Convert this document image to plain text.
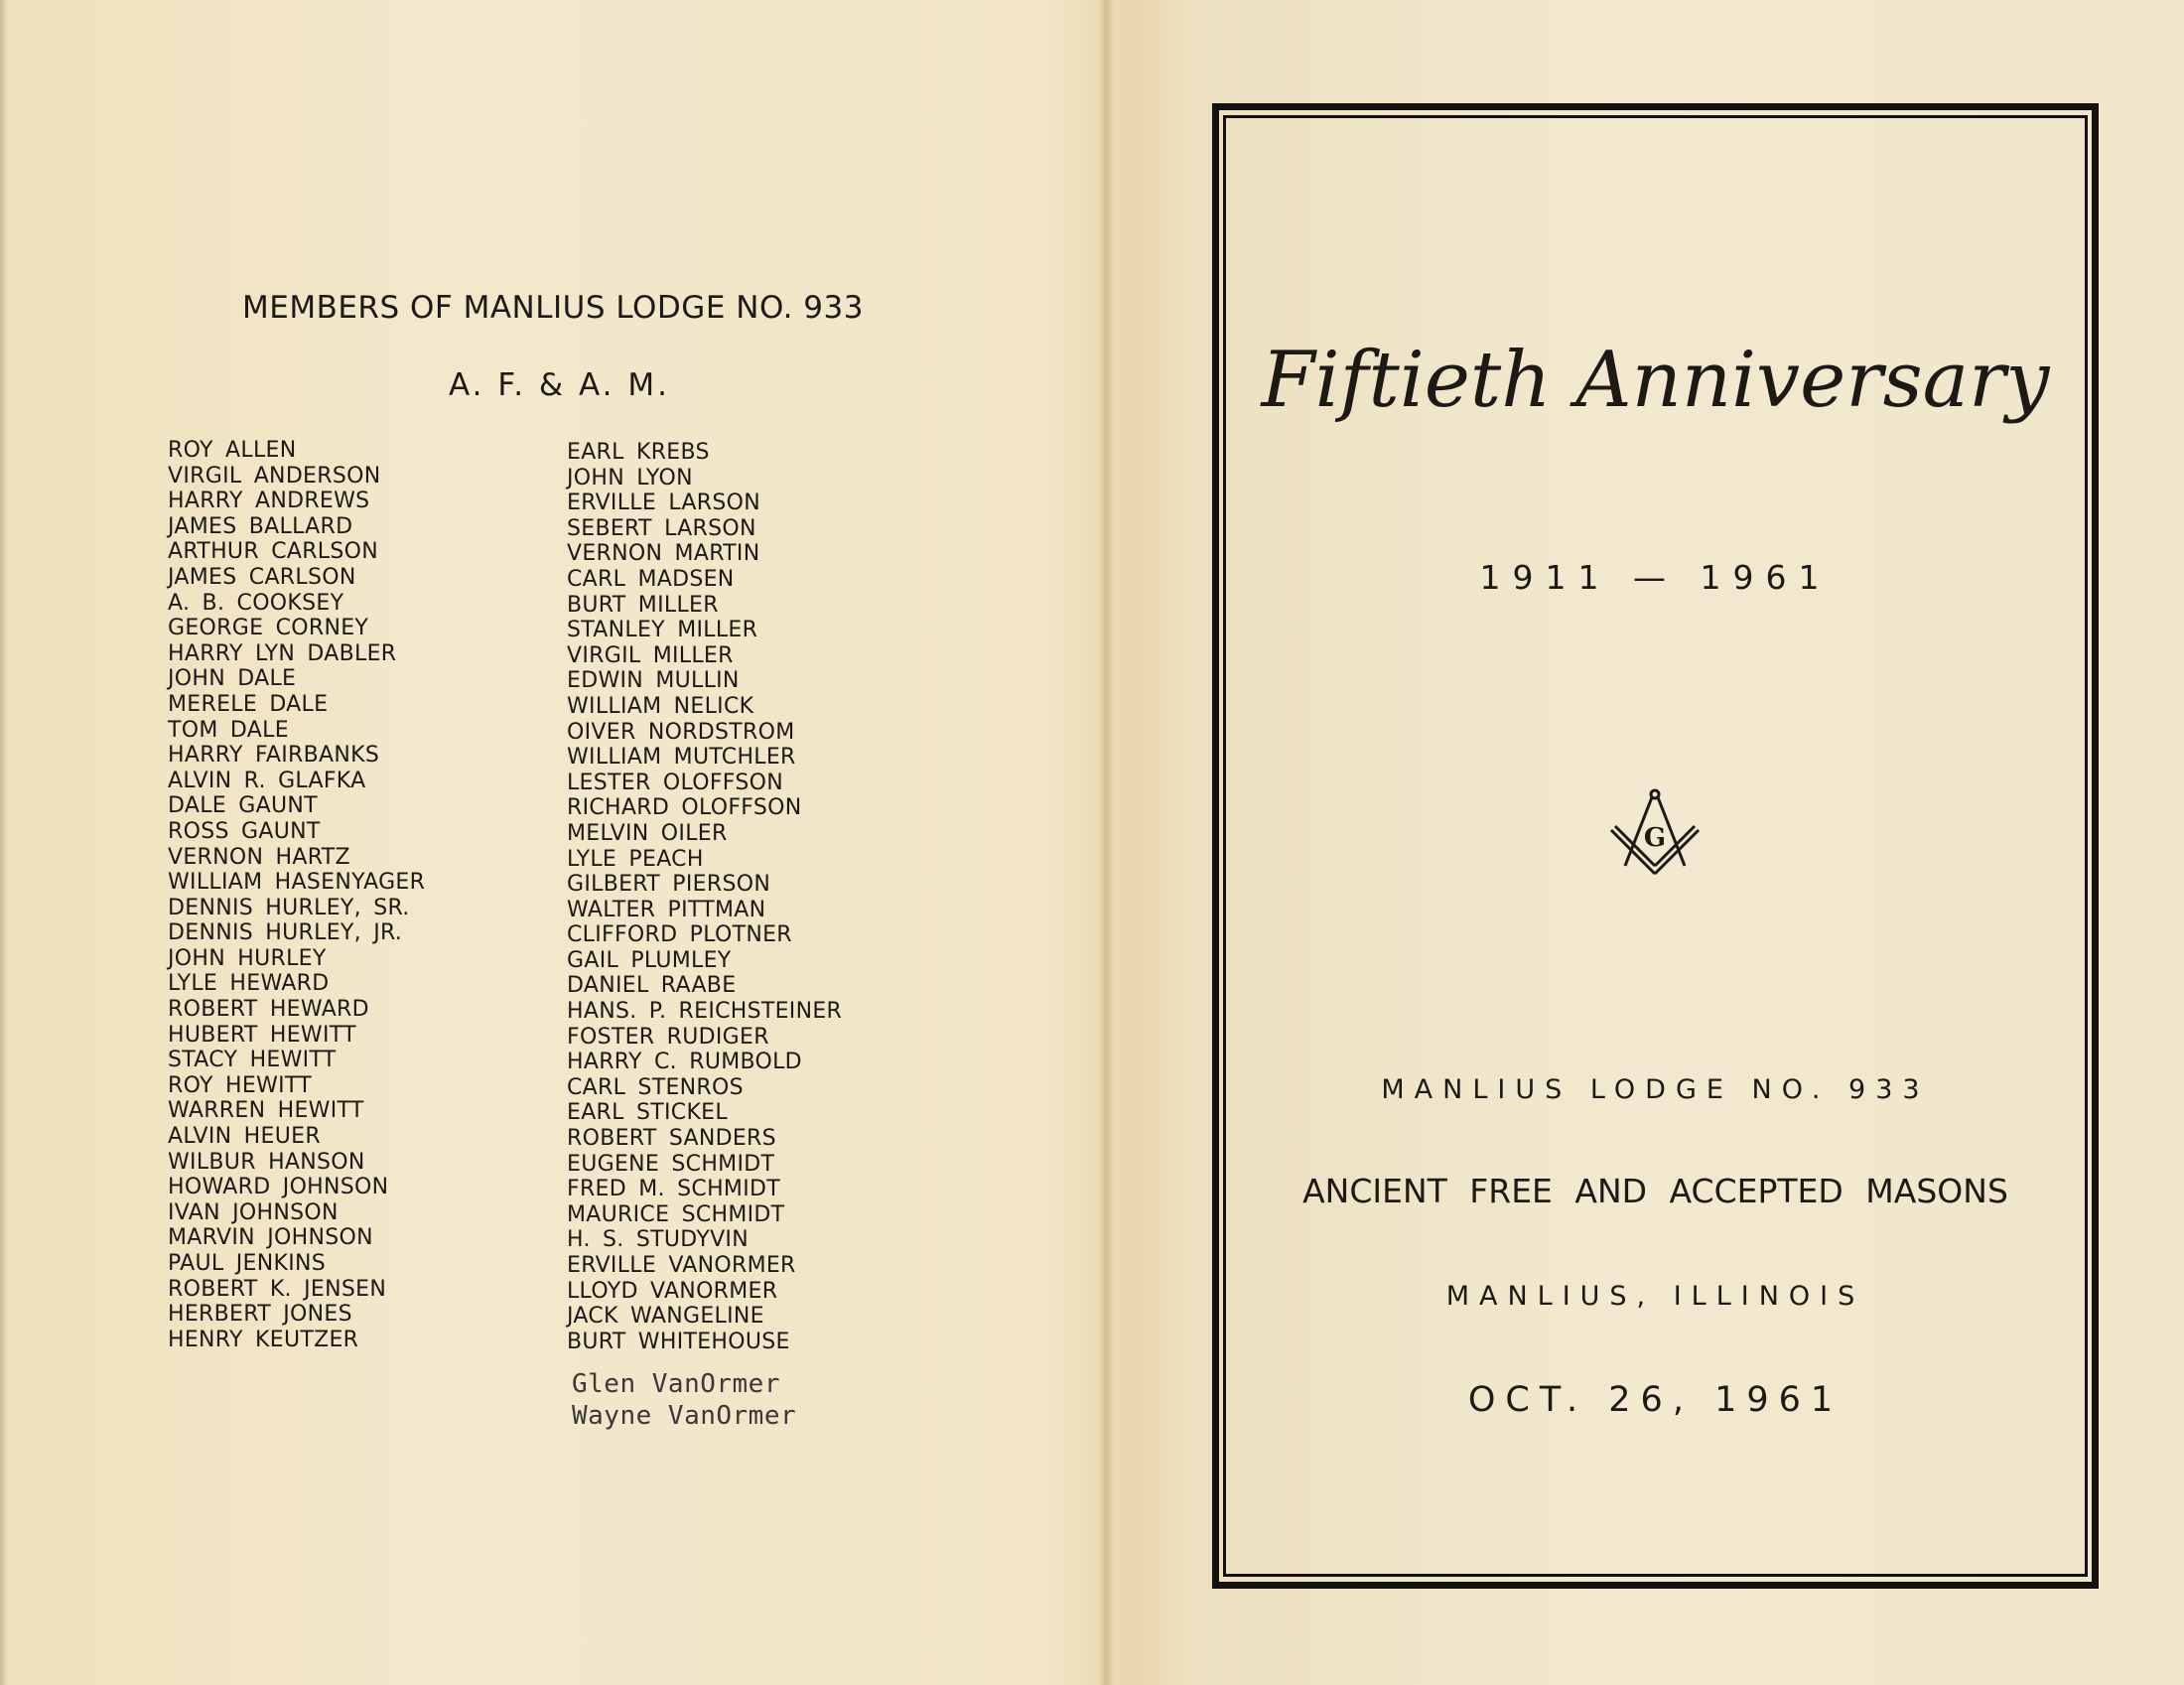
MEMBERS OF MANLIUS LODGE NO. 933
A. F. & A. M.
ROY ALLEN
VIRGIL ANDERSON
HARRY ANDREWS
JAMES BALLARD
ARTHUR CARLSON
JAMES CARLSON
A. B. COOKSEY
GEORGE CORNEY
HARRY LYN DABLER
JOHN DALE
MERELE DALE
TOM DALE
HARRY FAIRBANKS
ALVIN R. GLAFKA
DALE GAUNT
ROSS GAUNT
VERNON HARTZ
WILLIAM HASENYAGER
DENNIS HURLEY, SR.
DENNIS HURLEY, JR.
JOHN HURLEY
LYLE HEWARD
ROBERT HEWARD
HUBERT HEWITT
STACY HEWITT
ROY HEWITT
WARREN HEWITT
ALVIN HEUER
WILBUR HANSON
HOWARD JOHNSON
IVAN JOHNSON
MARVIN JOHNSON
PAUL JENKINS
ROBERT K. JENSEN
HERBERT JONES
HENRY KEUTZER
EARL KREBS
JOHN LYON
ERVILLE LARSON
SEBERT LARSON
VERNON MARTIN
CARL MADSEN
BURT MILLER
STANLEY MILLER
VIRGIL MILLER
EDWIN MULLIN
WILLIAM NELICK
OIVER NORDSTROM
WILLIAM MUTCHLER
LESTER OLOFFSON
RICHARD OLOFFSON
MELVIN OILER
LYLE PEACH
GILBERT PIERSON
WALTER PITTMAN
CLIFFORD PLOTNER
GAIL PLUMLEY
DANIEL RAABE
HANS. P. REICHSTEINER
FOSTER RUDIGER
HARRY C. RUMBOLD
CARL STENROS
EARL STICKEL
ROBERT SANDERS
EUGENE SCHMIDT
FRED M. SCHMIDT
MAURICE SCHMIDT
H. S. STUDYVIN
ERVILLE VANORMER
LLOYD VANORMER
JACK WANGELINE
BURT WHITEHOUSE
Glen VanOrmer
Wayne VanOrmer
Fiftieth Anniversary
1911 — 1961
G
MANLIUS LODGE NO. 933
ANCIENT FREE AND ACCEPTED MASONS
MANLIUS, ILLINOIS
OCT. 26, 1961
